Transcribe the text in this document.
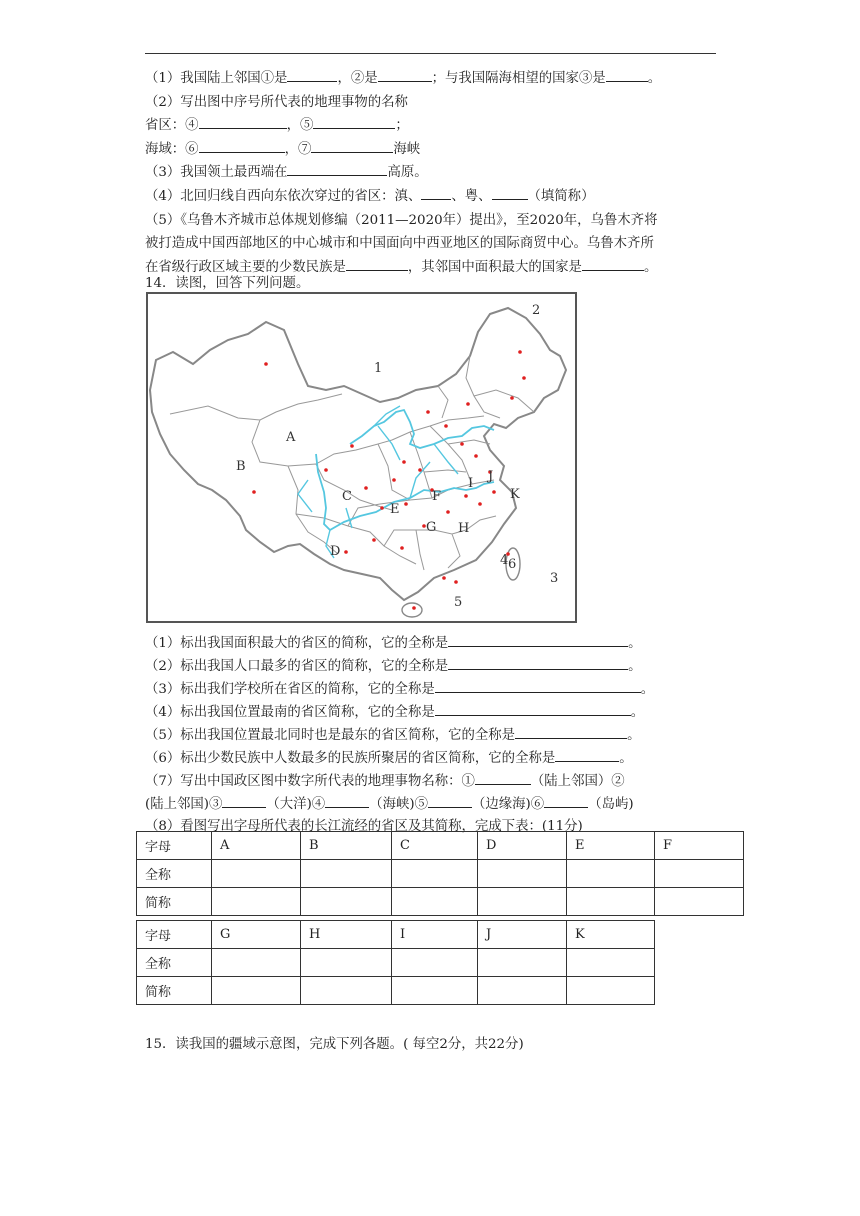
（1）我国陆上邻国①是	，②是	；与我国隔海相望的国家③是	。
（2）写出图中序号所代表的地理事物的名称
省区：④	，⑤	；
海域：⑥	，⑦	海峡
（3）我国领土最西端在	高原。
（4）北回归线自西向东依次穿过的省区：滇、 、粤、	（填简称）
（5）《乌鲁木齐城市总体规划修编（2011—2020年）提出》，至2020年，乌鲁木齐将
被打造成中国西部地区的中心城市和中国面向中西亚地区的国际商贸中心。乌鲁木齐所
在省级行政区域主要的少数民族是	，其邻国中面积最大的国家是	。
14．读图，回答下列问题。
1
2
3
4
5
6
A
B
C
D
E
F
G H
I J
K
（1）标出我国面积最大的省区的简称，它的全称是	。
（2）标出我国人口最多的省区的简称，它的全称是	。
（3）标出我们学校所在省区的简称，它的全称是	。
（4）标出我国位置最南的省区简称，它的全称是	。
（5）标出我国位置最北同时也是最东的省区简称，它的全称是	。
（6）标出少数民族中人数最多的民族所聚居的省区简称，它的全称是	。
（7）写出中国政区图中数字所代表的地理事物名称：①	（陆上邻国）②
(陆上邻国)③	（大洋)④	（海峡)⑤	（边缘海)⑥	（岛屿)
（8）看图写出字母所代表的长江流经的省区及其简称，完成下表：(11分)
字母	A	B	C	D	E	F
全称						
简称						
字母	G	H	I	J	K
全称					
简称					
15．读我国的疆域示意图，完成下列各题。( 每空2分，共22分)
